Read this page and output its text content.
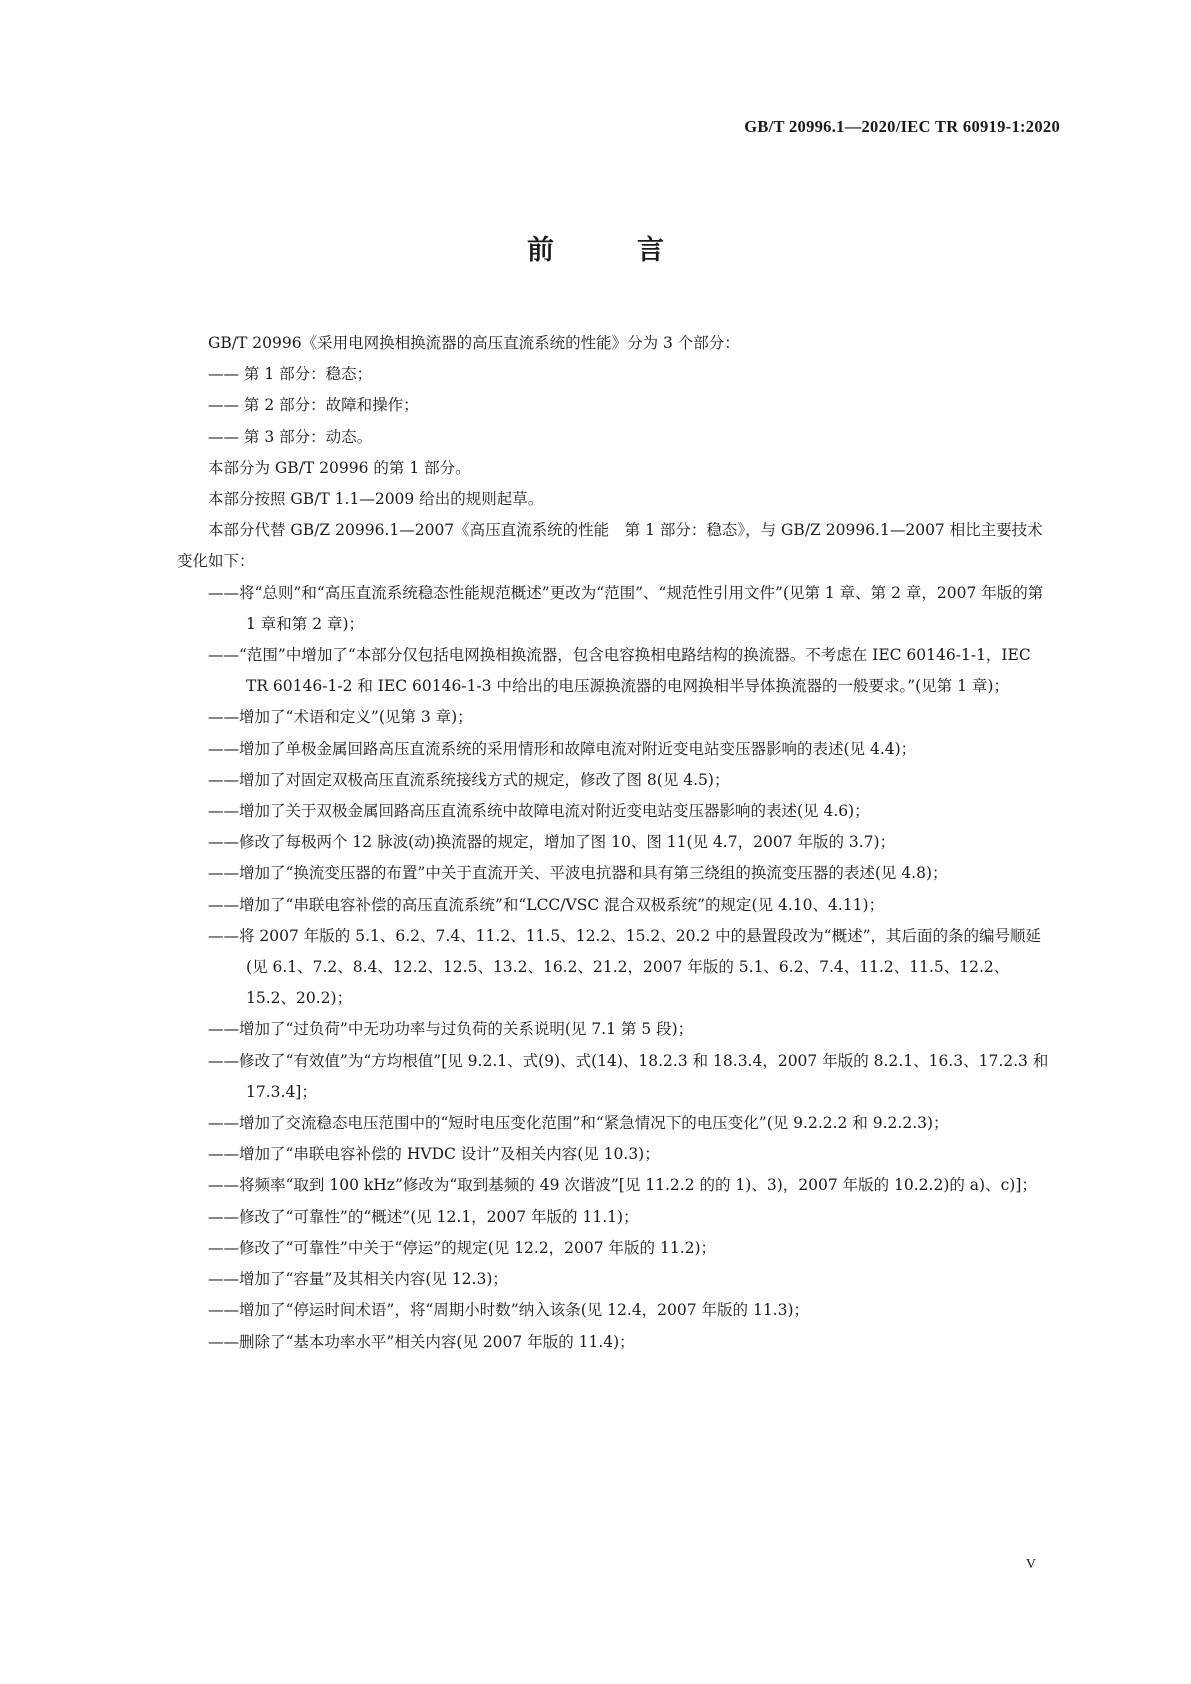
GB/T 20996.1—2020/IEC TR 60919-1:2020

前　言

GB/T 20996《采用电网换相换流器的高压直流系统的性能》分为 3 个部分：

—— 第 1 部分：稳态；

—— 第 2 部分：故障和操作；

—— 第 3 部分：动态。

本部分为 GB/T 20996 的第 1 部分。

本部分按照 GB/T 1.1—2009 给出的规则起草。

本部分代替 GB/Z 20996.1—2007《高压直流系统的性能　第 1 部分：稳态》，与 GB/Z 20996.1—2007 相比主要技术变化如下：

——将“总则”和“高压直流系统稳态性能规范概述”更改为“范围”、“规范性引用文件”(见第 1 章、第 2 章，2007 年版的第 1 章和第 2 章)；

——“范围”中增加了“本部分仅包括电网换相换流器，包含电容换相电路结构的换流器。不考虑在 IEC 60146-1-1，IEC TR 60146-1-2 和 IEC 60146-1-3 中给出的电压源换流器的电网换相半导体换流器的一般要求。”(见第 1 章)；

——增加了“术语和定义”(见第 3 章)；

——增加了单极金属回路高压直流系统的采用情形和故障电流对附近变电站变压器影响的表述(见 4.4)；

——增加了对固定双极高压直流系统接线方式的规定，修改了图 8(见 4.5)；

——增加了关于双极金属回路高压直流系统中故障电流对附近变电站变压器影响的表述(见 4.6)；

——修改了每极两个 12 脉波(动)换流器的规定，增加了图 10、图 11(见 4.7，2007 年版的 3.7)；

——增加了“换流变压器的布置”中关于直流开关、平波电抗器和具有第三绕组的换流变压器的表述(见 4.8)；

——增加了“串联电容补偿的高压直流系统”和“LCC/VSC 混合双极系统”的规定(见 4.10、4.11)；

——将 2007 年版的 5.1、6.2、7.4、11.2、11.5、12.2、15.2、20.2 中的悬置段改为“概述”，其后面的条的编号顺延(见 6.1、7.2、8.4、12.2、12.5、13.2、16.2、21.2，2007 年版的 5.1、6.2、7.4、11.2、11.5、12.2、15.2、20.2)；

——增加了“过负荷”中无功功率与过负荷的关系说明(见 7.1 第 5 段)；

——修改了“有效值”为“方均根值”[见 9.2.1、式(9)、式(14)、18.2.3 和 18.3.4，2007 年版的 8.2.1、16.3、17.2.3 和 17.3.4]；

——增加了交流稳态电压范围中的“短时电压变化范围”和“紧急情况下的电压变化”(见 9.2.2.2 和 9.2.2.3)；

——增加了“串联电容补偿的 HVDC 设计”及相关内容(见 10.3)；

——将频率“取到 100 kHz”修改为“取到基频的 49 次谐波”[见 11.2.2 的的 1)、3)，2007 年版的 10.2.2)的 a)、c)]；

——修改了“可靠性”的“概述”(见 12.1，2007 年版的 11.1)；

——修改了“可靠性”中关于“停运”的规定(见 12.2，2007 年版的 11.2)；

——增加了“容量”及其相关内容(见 12.3)；

——增加了“停运时间术语”，将“周期小时数”纳入该条(见 12.4，2007 年版的 11.3)；

——删除了“基本功率水平”相关内容(见 2007 年版的 11.4)；

V
